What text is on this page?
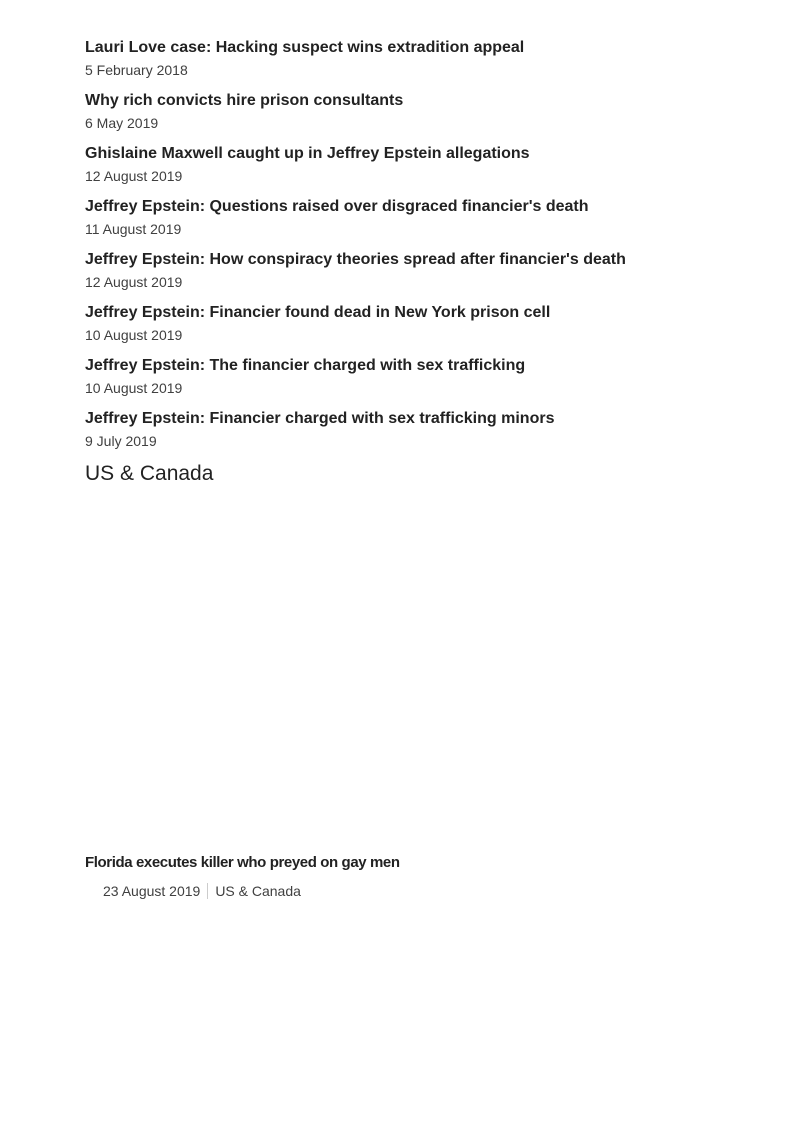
Lauri Love case: Hacking suspect wins extradition appeal
5 February 2018
Why rich convicts hire prison consultants
6 May 2019
Ghislaine Maxwell caught up in Jeffrey Epstein allegations
12 August 2019
Jeffrey Epstein: Questions raised over disgraced financier's death
11 August 2019
Jeffrey Epstein: How conspiracy theories spread after financier's death
12 August 2019
Jeffrey Epstein: Financier found dead in New York prison cell
10 August 2019
Jeffrey Epstein: The financier charged with sex trafficking
10 August 2019
Jeffrey Epstein: Financier charged with sex trafficking minors
9 July 2019
US & Canada
Florida executes killer who preyed on gay men
23 August 2019 US & Canada
